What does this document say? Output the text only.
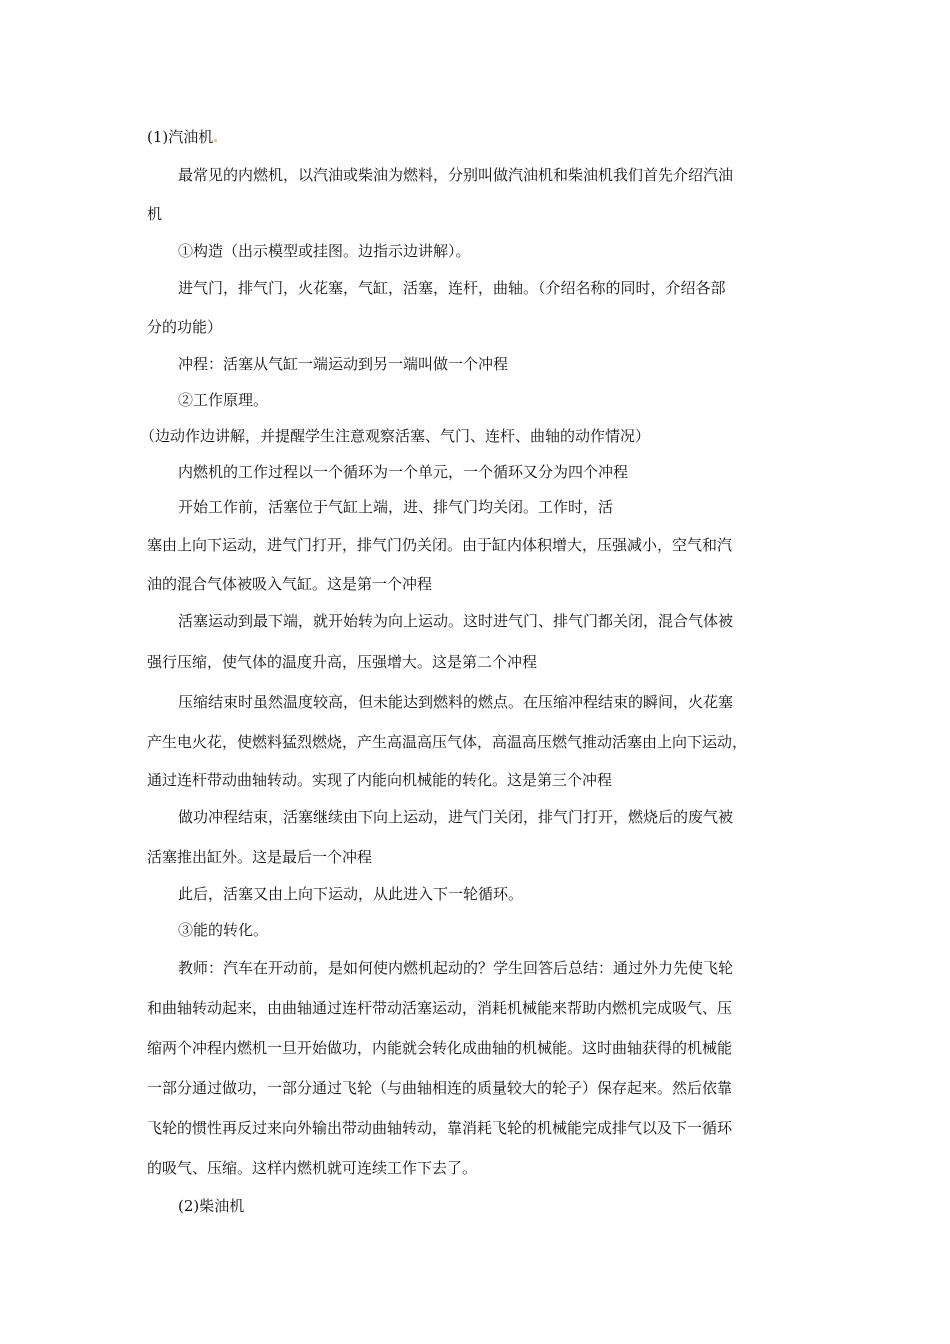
(1)汽油机
最常见的内燃机，以汽油或柴油为燃料，分别叫做汽油机和柴油机我们首先介绍汽油
机
①构造（出示模型或挂图。边指示边讲解）。
进气门，排气门，火花塞，气缸，活塞，连杆，曲轴。（介绍名称的同时，介绍各部
分的功能）
冲程：活塞从气缸一端运动到另一端叫做一个冲程
②工作原理。
（边动作边讲解，并提醒学生注意观察活塞、气门、连杆、曲轴的动作情况）
内燃机的工作过程以一个循环为一个单元，一个循环又分为四个冲程
开始工作前，活塞位于气缸上端，进、排气门均关闭。工作时，活
塞由上向下运动，进气门打开，排气门仍关闭。由于缸内体积增大，压强减小，空气和汽
油的混合气体被吸入气缸。这是第一个冲程
活塞运动到最下端，就开始转为向上运动。这时进气门、排气门都关闭，混合气体被
强行压缩，使气体的温度升高，压强增大。这是第二个冲程
压缩结束时虽然温度较高，但未能达到燃料的燃点。在压缩冲程结束的瞬间，火花塞
产生电火花，使燃料猛烈燃烧，产生高温高压气体，高温高压燃气推动活塞由上向下运动，
通过连杆带动曲轴转动。实现了内能向机械能的转化。这是第三个冲程
做功冲程结束，活塞继续由下向上运动，进气门关闭，排气门打开，燃烧后的废气被
活塞推出缸外。这是最后一个冲程
此后，活塞又由上向下运动，从此进入下一轮循环。
③能的转化。
教师：汽车在开动前，是如何使内燃机起动的？学生回答后总结：通过外力先使飞轮
和曲轴转动起来，由曲轴通过连杆带动活塞运动，消耗机械能来帮助内燃机完成吸气、压
缩两个冲程内燃机一旦开始做功，内能就会转化成曲轴的机械能。这时曲轴获得的机械能
一部分通过做功，一部分通过飞轮（与曲轴相连的质量较大的轮子）保存起来。然后依靠
飞轮的惯性再反过来向外输出带动曲轴转动，靠消耗飞轮的机械能完成排气以及下一循环
的吸气、压缩。这样内燃机就可连续工作下去了。
(2)柴油机
